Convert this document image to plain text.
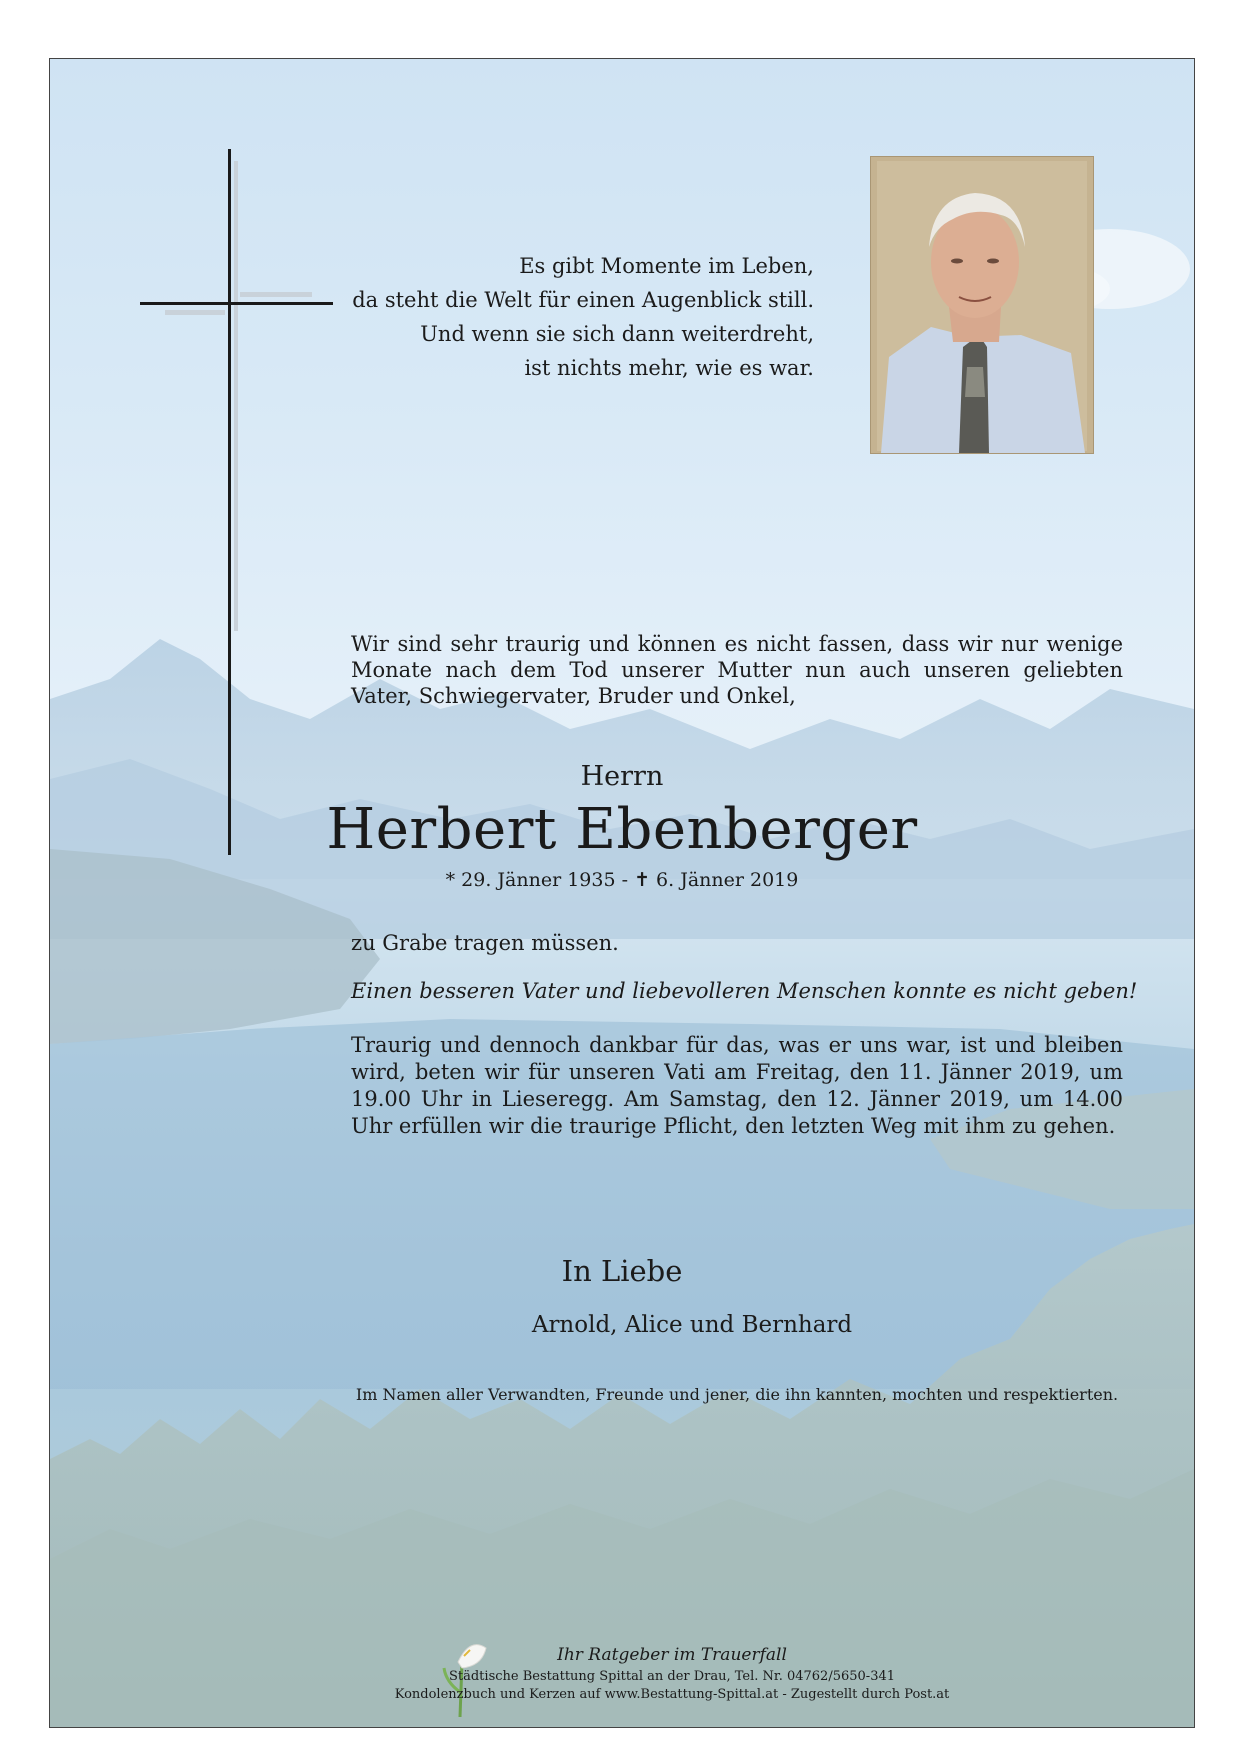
Es gibt Momente im Leben,
da steht die Welt für einen Augenblick still.
Und wenn sie sich dann weiterdreht,
ist nichts mehr, wie es war.
Wir sind sehr traurig und können es nicht fassen, dass wir nur wenige Monate nach dem Tod unserer Mutter nun auch unseren geliebten Vater, Schwiegervater, Bruder und Onkel,
Herrn
Herbert Ebenberger
* 29. Jänner 1935 - ✝ 6. Jänner 2019
zu Grabe tragen müssen.
Einen besseren Vater und liebevolleren Menschen konnte es nicht geben!
Traurig und dennoch dankbar für das, was er uns war, ist und bleiben wird, beten wir für unseren Vati am Freitag, den 11. Jänner 2019, um 19.00 Uhr in Lieseregg. Am Samstag, den 12. Jänner 2019, um 14.00 Uhr erfüllen wir die traurige Pflicht, den letzten Weg mit ihm zu gehen.
In Liebe
Arnold, Alice und Bernhard
Im Namen aller Verwandten, Freunde und jener, die ihn kannten, mochten und respektierten.
Ihr Ratgeber im Trauerfall
Städtische Bestattung Spittal an der Drau, Tel. Nr. 04762/5650-341
Kondolenzbuch und Kerzen auf www.Bestattung-Spittal.at - Zugestellt durch Post.at
